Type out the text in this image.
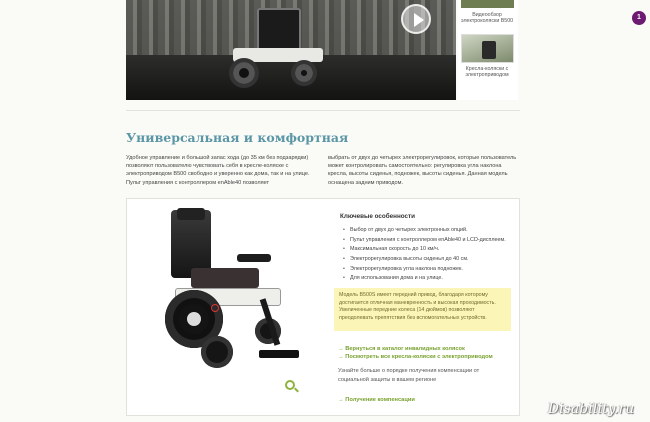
Видеообзор электроколяски B500
Кресла-коляски с электроприводом
1
Универсальная и комфортная

Удобное управление и большой запас хода (до 35 км без подзарядки) позволяют пользователю чувствовать себя в кресле-коляске с электроприводом B500 свободно и уверенно как дома, так и на улице. Пульт управления с контроллером enAble40 позволяет

выбрать от двух до четырех электрорегулировок, которые пользователь может контролировать самостоятельно: регулировка угла наклона кресла, высоты сиденья, подножек, высоты сиденья. Данная модель оснащена задним приводом.

Ключевые особенности
• Выбор от двух до четырех электронных опций.
• Пульт управления с контроллером enAble40 и LCD-дисплеем.
• Максимальная скорость до 10 км/ч.
• Электрорегулировка высоты сиденья до 40 см.
• Электрорегулировка угла наклона подножек.
• Для использования дома и на улице.
Модель B500S имеет передний привод, благодаря которому достигается отличная маневренность и высокая проходимость. Увеличенные передние колеса (14 дюймов) позволяют преодолевать препятствия без вспомогательных устройств.
→ Вернуться в каталог инвалидных колясок
→ Посмотреть все кресла-коляски с электроприводом

Узнайте больше о порядке получения компенсации от социальной защиты в вашем регионе

→ Получение компенсации
Disability.ru
